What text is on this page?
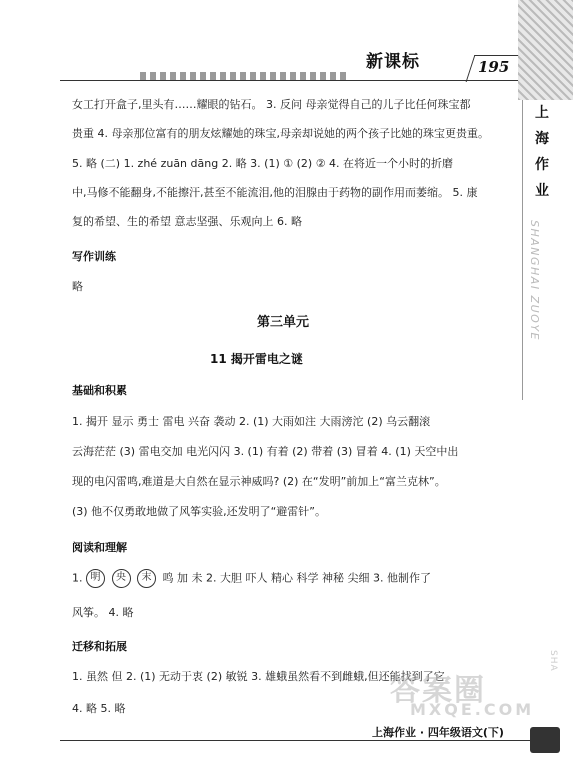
新课标	195
上海作业
SHANGHAI ZUOYE
SHA
女工打开盒子,里头有……耀眼的钻石。 3. 反问 母亲觉得自己的儿子比任何珠宝都
贵重 4. 母亲那位富有的朋友炫耀她的珠宝,母亲却说她的两个孩子比她的珠宝更贵重。
5. 略 (二) 1. zhé zuān dāng 2. 略 3. (1) ① (2) ② 4. 在将近一个小时的折磨
中,马修不能翻身,不能擦汗,甚至不能流泪,他的泪腺由于药物的副作用而萎缩。 5. 康
复的希望、生的希望 意志坚强、乐观向上 6. 略
写作训练
略
第三单元
11 揭开雷电之谜
基础和积累
1. 揭开 显示 勇士 雷电 兴奋 袭动 2. (1) 大雨如注 大雨滂沱 (2) 乌云翻滚
云海茫茫 (3) 雷电交加 电光闪闪 3. (1) 有着 (2) 带着 (3) 冒着 4. (1) 天空中出
现的电闪雷鸣,难道是大自然在显示神威吗? (2) 在“发明”前加上“富兰克林”。
(3) 他不仅勇敢地做了风筝实验,还发明了“避雷针”。
阅读和理解
1. 明 央 末 鸣 加 未 2. 大胆 吓人 精心 科学 神秘 尖细 3. 他制作了
风筝。 4. 略
迁移和拓展
1. 虽然 但 2. (1) 无动于衷 (2) 敏锐 3. 雄蛾虽然看不到雌蛾,但还能找到了它
4. 略 5. 略
答案圈
MXQE.COM
上海作业 · 四年级语文(下)
